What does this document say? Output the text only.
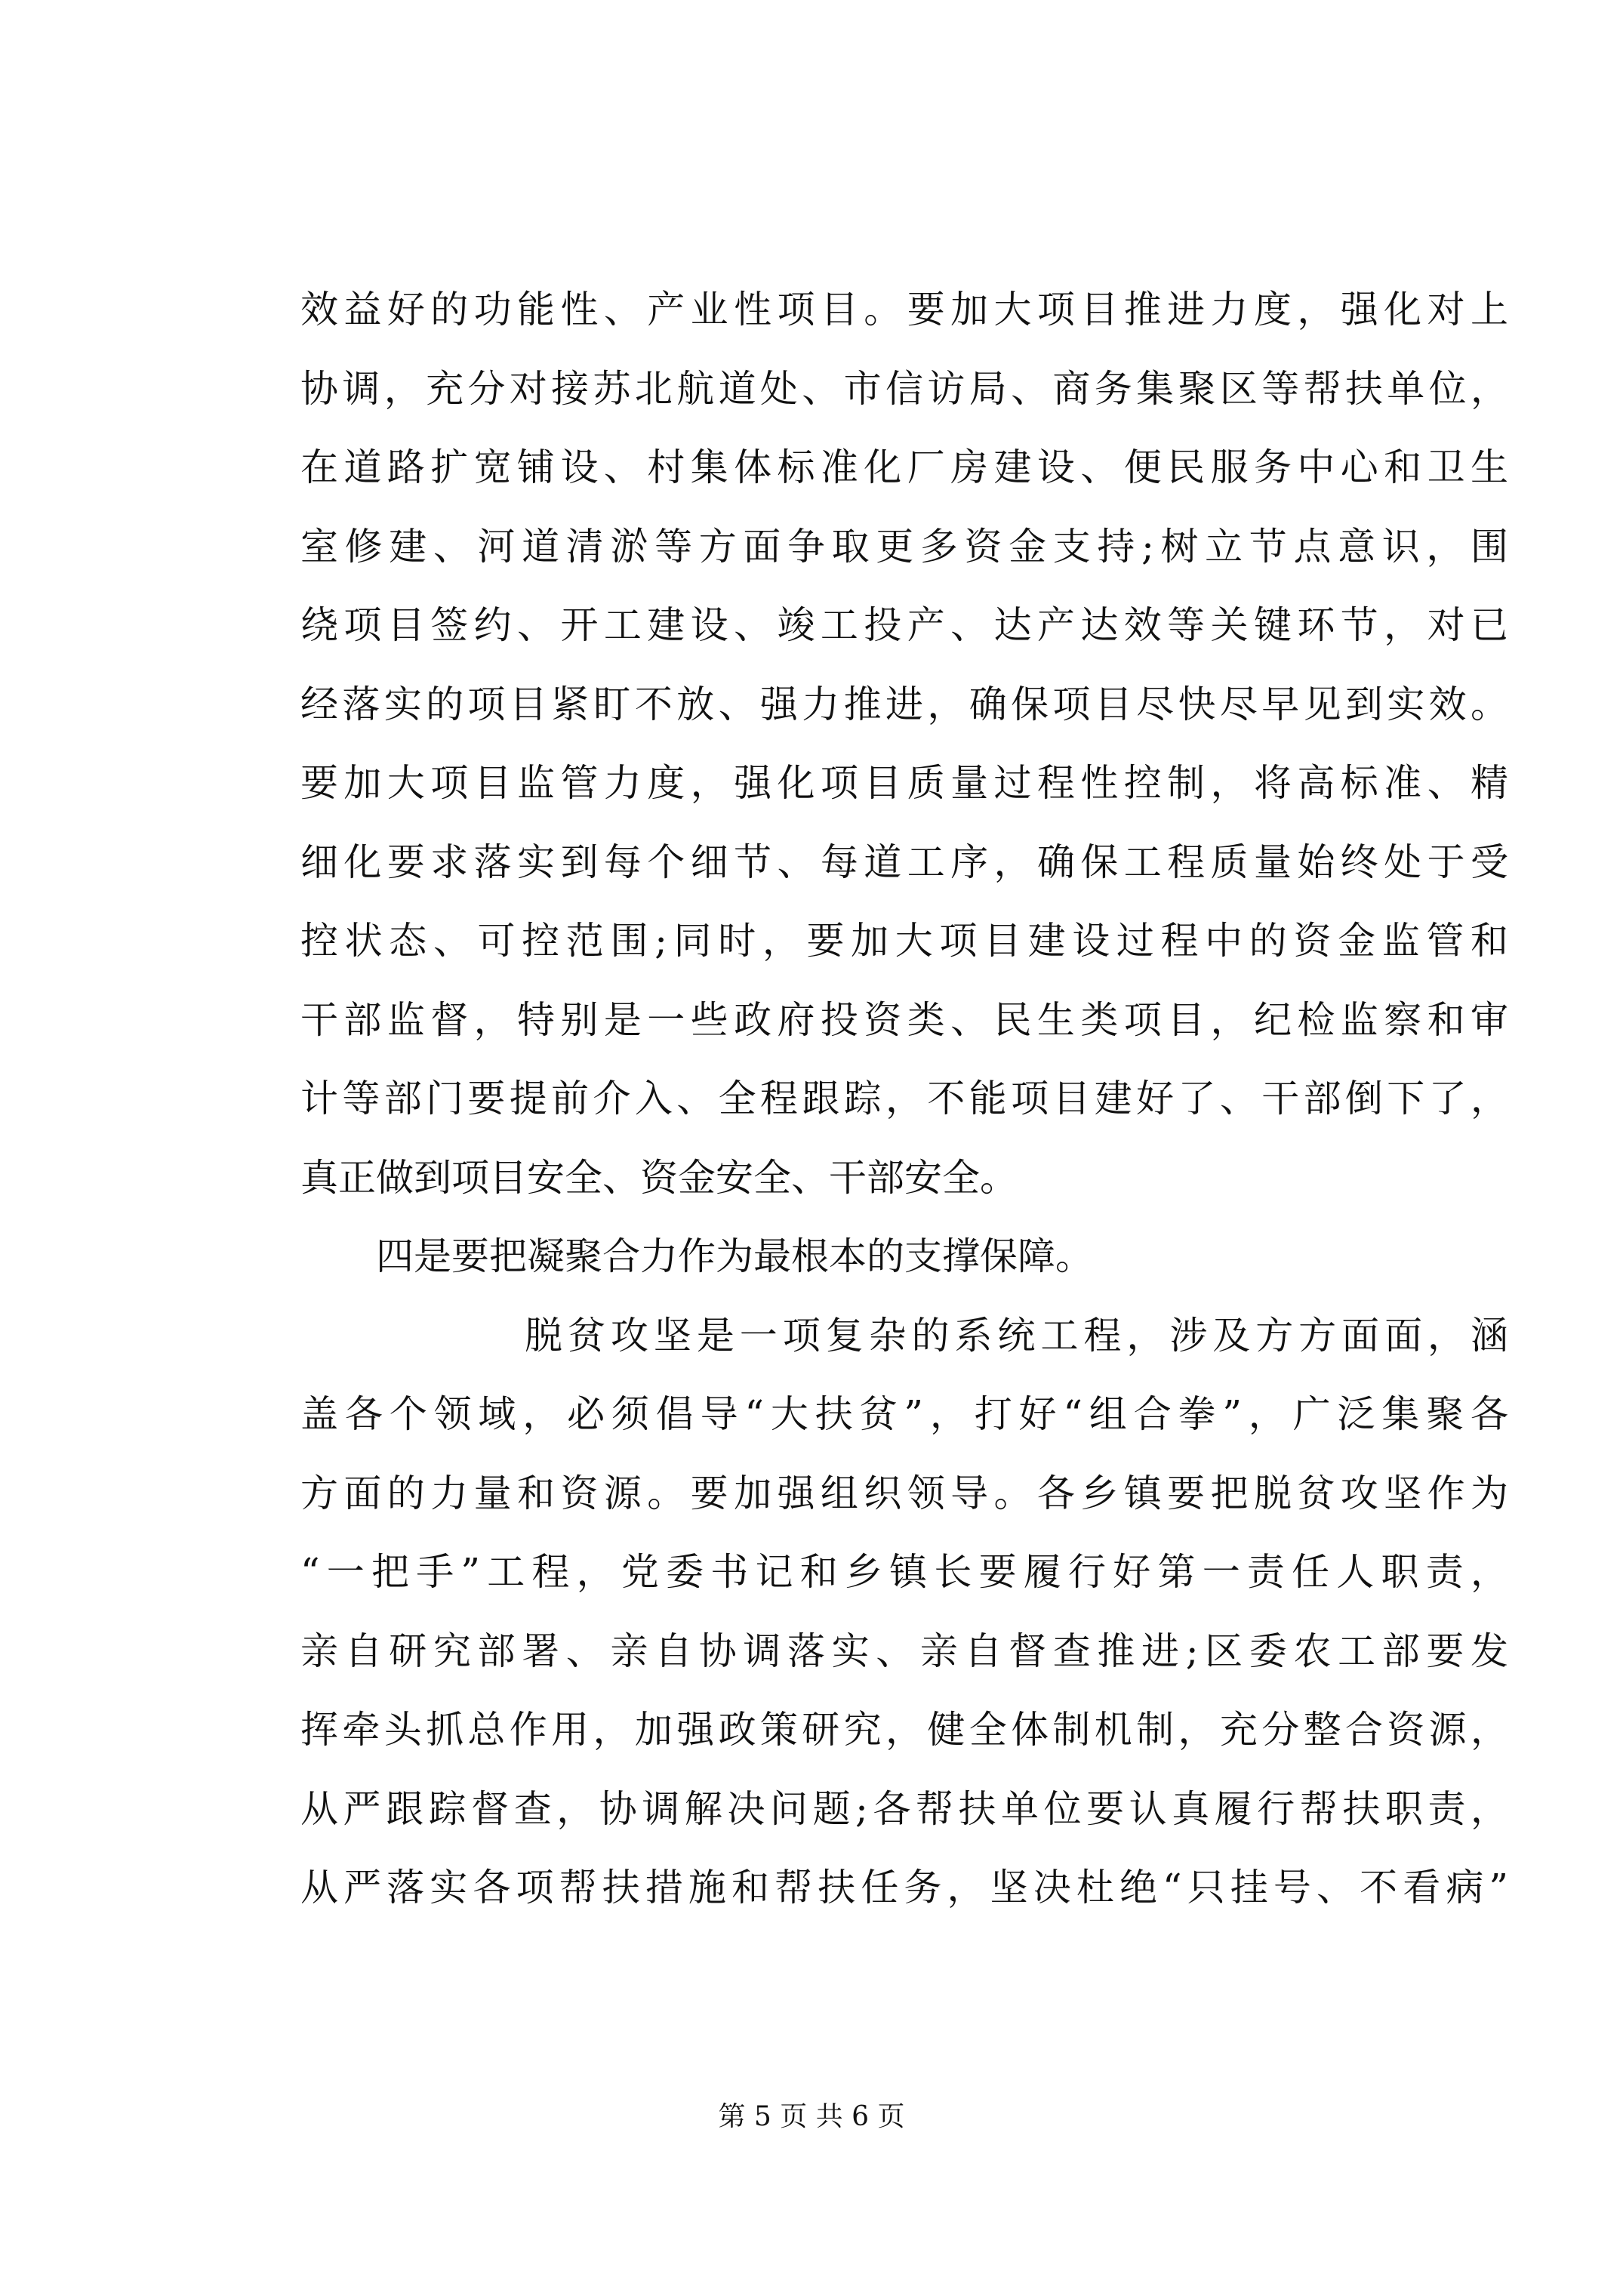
效益好的功能性、产业性项目。要加大项目推进力度，强化对上
协调，充分对接苏北航道处、市信访局、商务集聚区等帮扶单位，
在道路扩宽铺设、村集体标准化厂房建设、便民服务中心和卫生
室修建、河道清淤等方面争取更多资金支持;树立节点意识，围
绕项目签约、开工建设、竣工投产、达产达效等关键环节，对已
经落实的项目紧盯不放、强力推进，确保项目尽快尽早见到实效。
要加大项目监管力度，强化项目质量过程性控制，将高标准、精
细化要求落实到每个细节、每道工序，确保工程质量始终处于受
控状态、可控范围;同时，要加大项目建设过程中的资金监管和
干部监督，特别是一些政府投资类、民生类项目，纪检监察和审
计等部门要提前介入、全程跟踪，不能项目建好了、干部倒下了，
真正做到项目安全、资金安全、干部安全。
四是要把凝聚合力作为最根本的支撑保障。
脱贫攻坚是一项复杂的系统工程，涉及方方面面，涵
盖各个领域，必须倡导“大扶贫”，打好“组合拳”，广泛集聚各
方面的力量和资源。要加强组织领导。各乡镇要把脱贫攻坚作为
“一把手”工程，党委书记和乡镇长要履行好第一责任人职责，
亲自研究部署、亲自协调落实、亲自督查推进;区委农工部要发
挥牵头抓总作用，加强政策研究，健全体制机制，充分整合资源，
从严跟踪督查，协调解决问题;各帮扶单位要认真履行帮扶职责，
从严落实各项帮扶措施和帮扶任务，坚决杜绝“只挂号、不看病”
第 5 页 共 6 页
